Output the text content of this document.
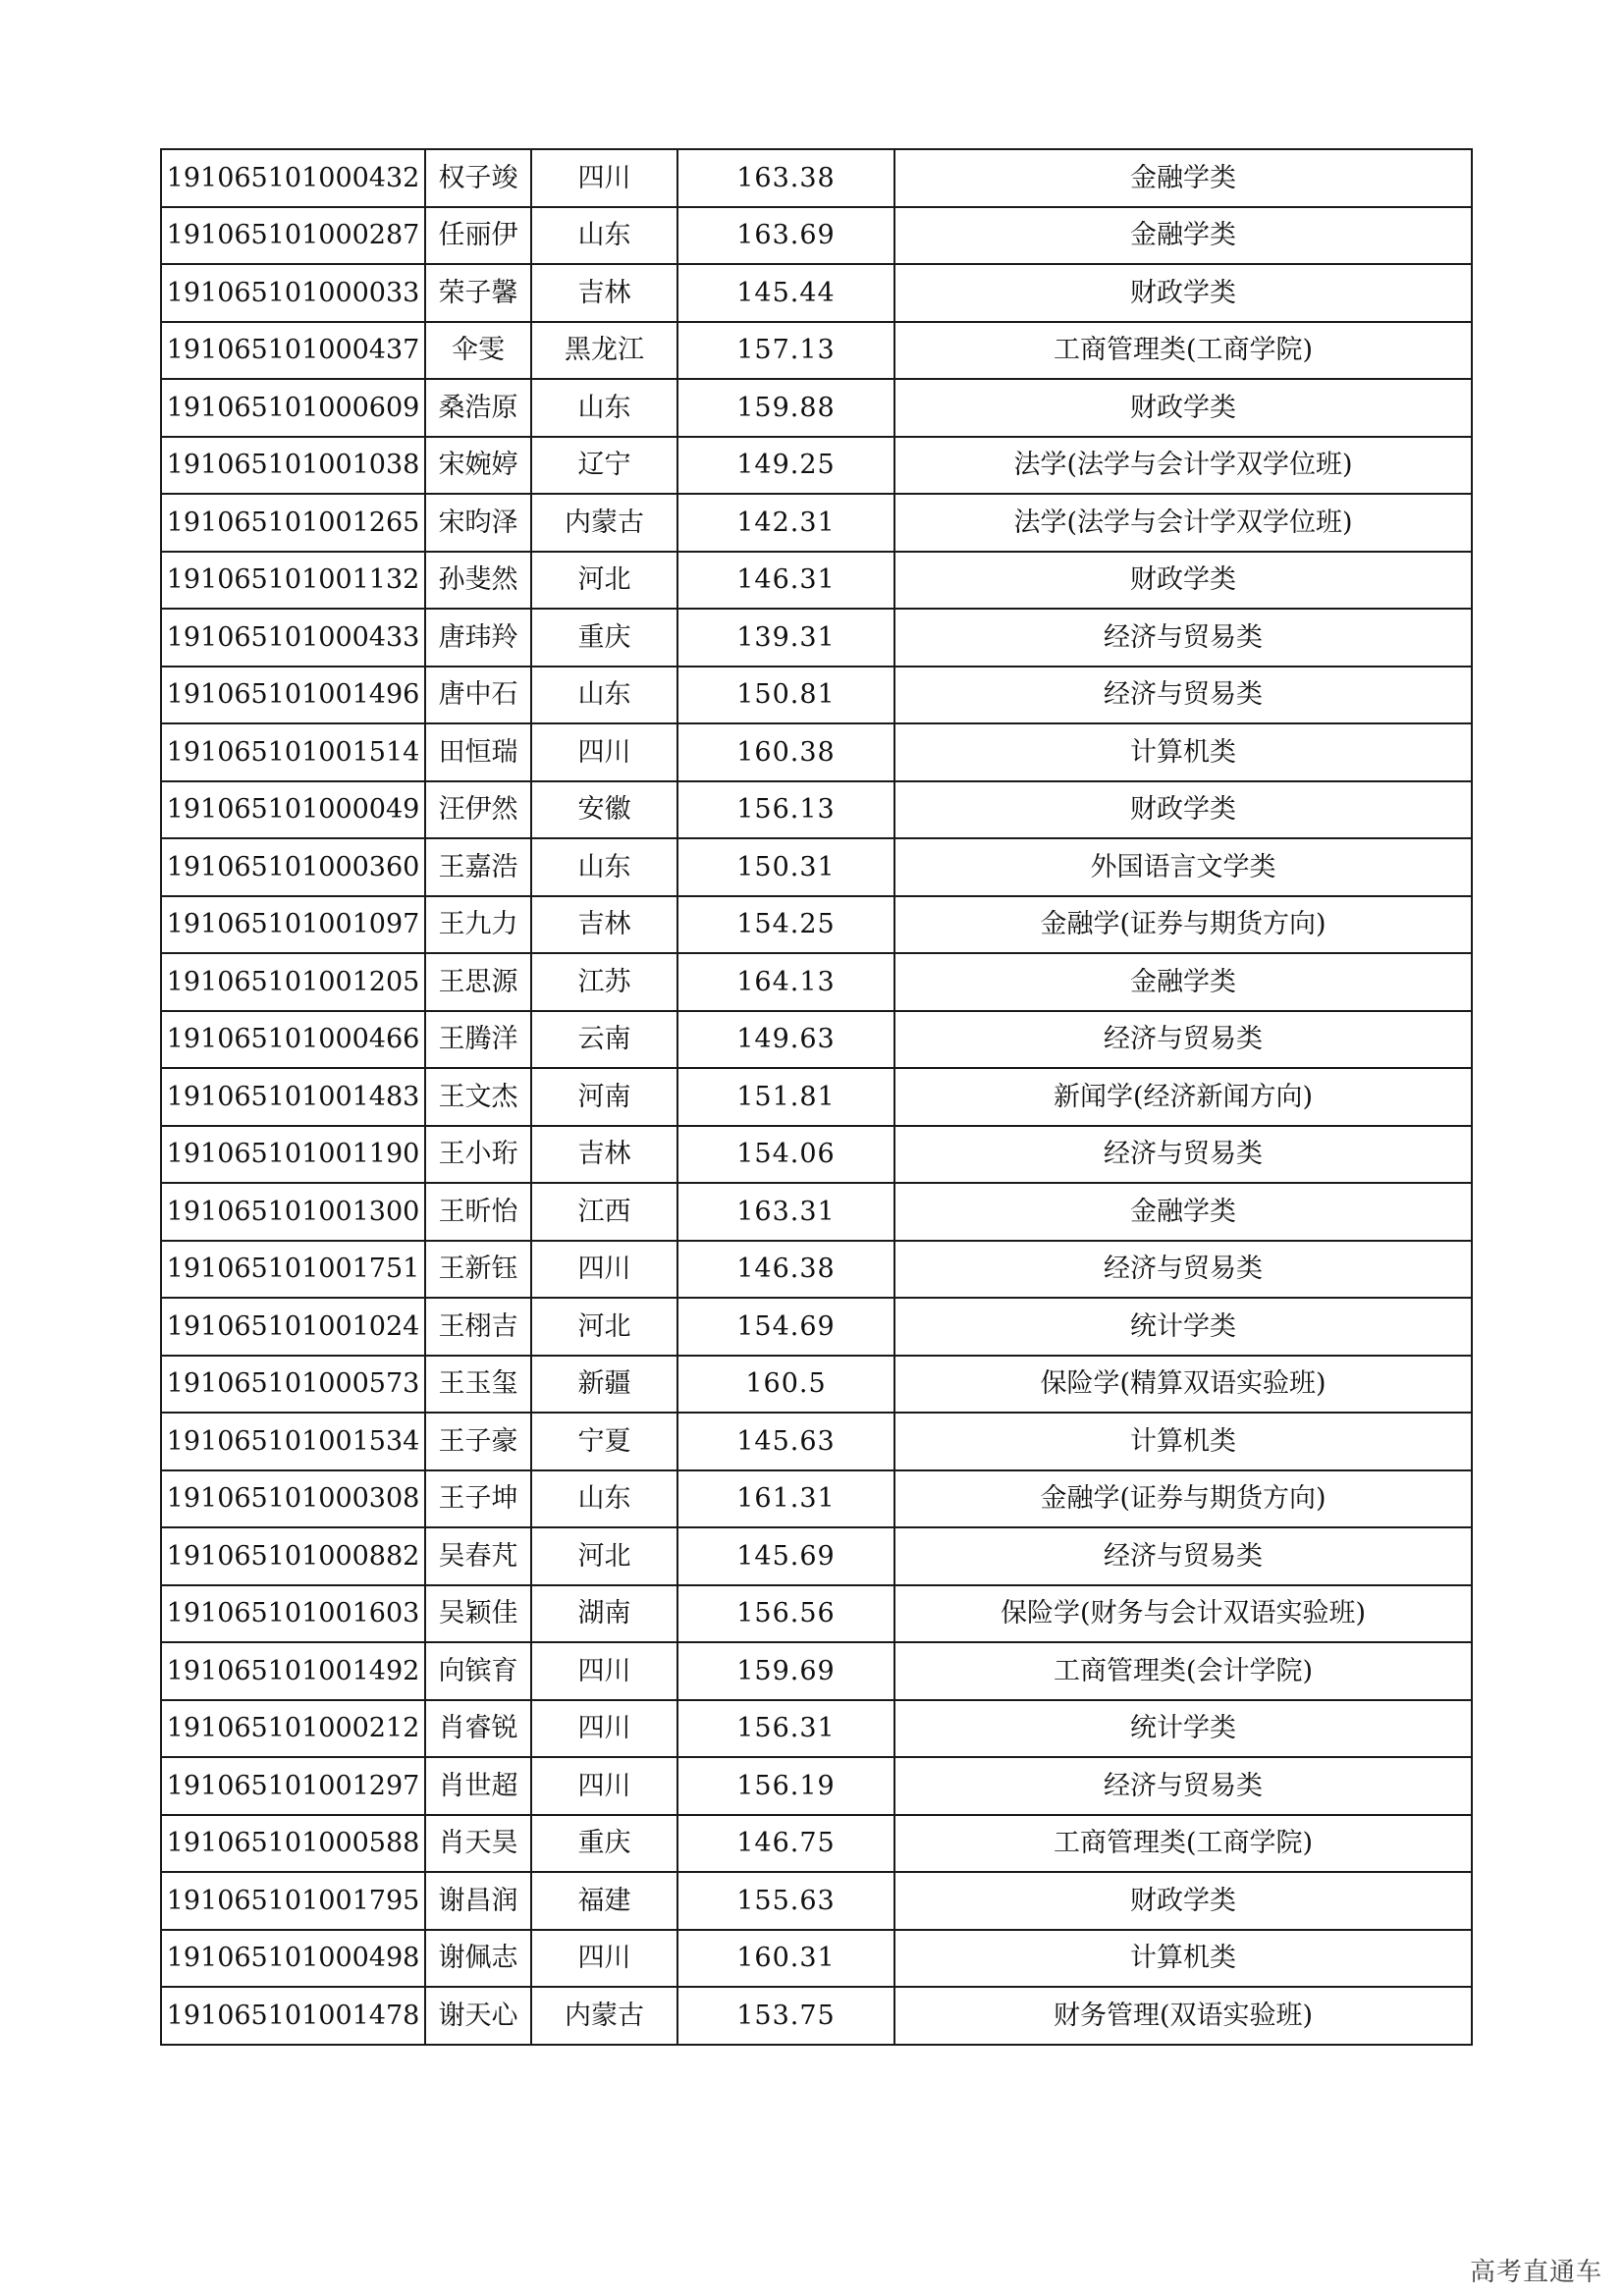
191065101000432	权子竣	四川	163.38	金融学类
191065101000287	任丽伊	山东	163.69	金融学类
191065101000033	荣子馨	吉林	145.44	财政学类
191065101000437	伞雯	黑龙江	157.13	工商管理类(工商学院)
191065101000609	桑浩原	山东	159.88	财政学类
191065101001038	宋婉婷	辽宁	149.25	法学(法学与会计学双学位班)
191065101001265	宋昀泽	内蒙古	142.31	法学(法学与会计学双学位班)
191065101001132	孙斐然	河北	146.31	财政学类
191065101000433	唐玮羚	重庆	139.31	经济与贸易类
191065101001496	唐中石	山东	150.81	经济与贸易类
191065101001514	田恒瑞	四川	160.38	计算机类
191065101000049	汪伊然	安徽	156.13	财政学类
191065101000360	王嘉浩	山东	150.31	外国语言文学类
191065101001097	王九力	吉林	154.25	金融学(证券与期货方向)
191065101001205	王思源	江苏	164.13	金融学类
191065101000466	王腾洋	云南	149.63	经济与贸易类
191065101001483	王文杰	河南	151.81	新闻学(经济新闻方向)
191065101001190	王小珩	吉林	154.06	经济与贸易类
191065101001300	王昕怡	江西	163.31	金融学类
191065101001751	王新钰	四川	146.38	经济与贸易类
191065101001024	王栩吉	河北	154.69	统计学类
191065101000573	王玉玺	新疆	160.5	保险学(精算双语实验班)
191065101001534	王子豪	宁夏	145.63	计算机类
191065101000308	王子坤	山东	161.31	金融学(证券与期货方向)
191065101000882	吴春芃	河北	145.69	经济与贸易类
191065101001603	吴颖佳	湖南	156.56	保险学(财务与会计双语实验班)
191065101001492	向镔育	四川	159.69	工商管理类(会计学院)
191065101000212	肖睿锐	四川	156.31	统计学类
191065101001297	肖世超	四川	156.19	经济与贸易类
191065101000588	肖天昊	重庆	146.75	工商管理类(工商学院)
191065101001795	谢昌润	福建	155.63	财政学类
191065101000498	谢佩志	四川	160.31	计算机类
191065101001478	谢天心	内蒙古	153.75	财务管理(双语实验班)
高考直通车
